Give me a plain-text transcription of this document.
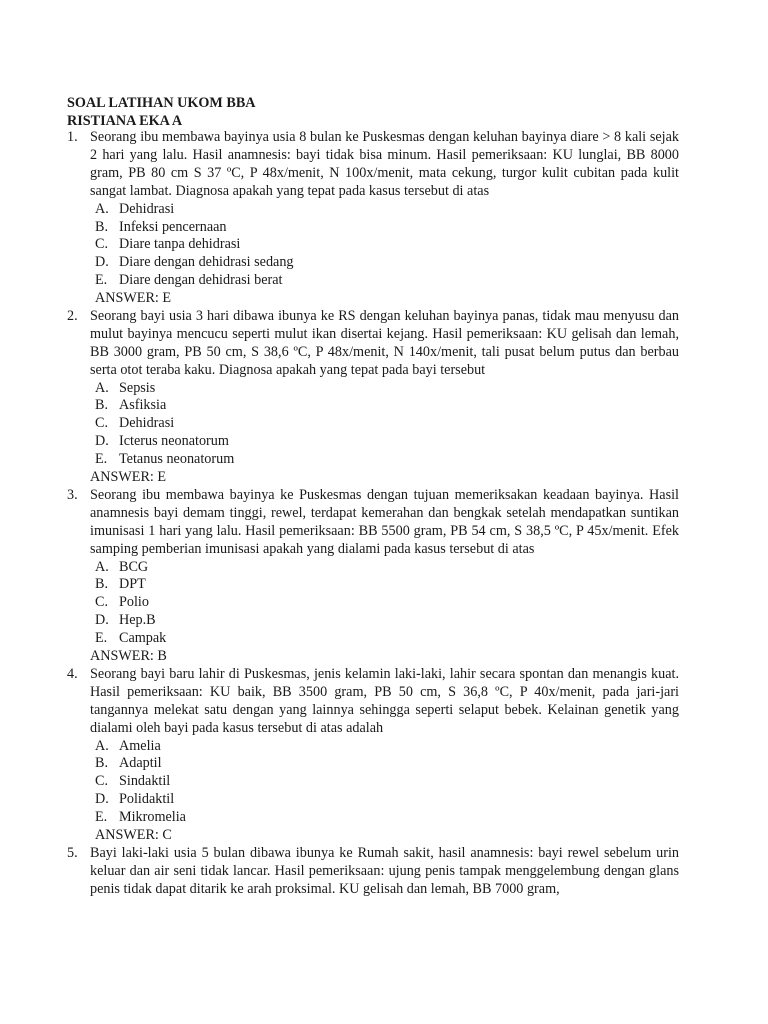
SOAL LATIHAN UKOM BBA
RISTIANA EKA A
1. Seorang ibu membawa bayinya usia 8 bulan ke Puskesmas dengan keluhan bayinya diare > 8 kali sejak 2 hari yang lalu. Hasil anamnesis: bayi tidak bisa minum. Hasil pemeriksaan: KU lunglai, BB 8000 gram, PB 80 cm S 37 ºC, P 48x/menit, N 100x/menit, mata cekung, turgor kulit cubitan pada kulit sangat lambat. Diagnosa apakah yang tepat pada kasus tersebut di atas
A. Dehidrasi
B. Infeksi pencernaan
C. Diare tanpa dehidrasi
D. Diare dengan dehidrasi sedang
E. Diare dengan dehidrasi berat
ANSWER: E
2. Seorang bayi usia 3 hari dibawa ibunya ke RS dengan keluhan bayinya panas, tidak mau menyusu dan mulut bayinya mencucu seperti mulut ikan disertai kejang. Hasil pemeriksaan: KU gelisah dan lemah, BB 3000 gram, PB 50 cm, S 38,6 ºC, P 48x/menit, N 140x/menit, tali pusat belum putus dan berbau serta otot teraba kaku. Diagnosa apakah yang tepat pada bayi tersebut
A. Sepsis
B. Asfiksia
C. Dehidrasi
D. Icterus neonatorum
E. Tetanus neonatorum
ANSWER: E
3. Seorang ibu membawa bayinya ke Puskesmas dengan tujuan memeriksakan keadaan bayinya. Hasil anamnesis bayi demam tinggi, rewel, terdapat kemerahan dan bengkak setelah mendapatkan suntikan imunisasi 1 hari yang lalu. Hasil pemeriksaan: BB 5500 gram, PB 54 cm, S 38,5 ºC, P 45x/menit. Efek samping pemberian imunisasi apakah yang dialami pada kasus tersebut di atas
A. BCG
B. DPT
C. Polio
D. Hep.B
E. Campak
ANSWER: B
4. Seorang bayi baru lahir di Puskesmas, jenis kelamin laki-laki, lahir secara spontan dan menangis kuat. Hasil pemeriksaan: KU baik, BB 3500 gram, PB 50 cm, S 36,8 ºC, P 40x/menit, pada jari-jari tangannya melekat satu dengan yang lainnya sehingga seperti selaput bebek. Kelainan genetik yang dialami oleh bayi pada kasus tersebut di atas adalah
A. Amelia
B. Adaptil
C. Sindaktil
D. Polidaktil
E. Mikromelia
ANSWER: C
5. Bayi laki-laki usia 5 bulan dibawa ibunya ke Rumah sakit, hasil anamnesis: bayi rewel sebelum urin keluar dan air seni tidak lancar. Hasil pemeriksaan: ujung penis tampak menggelembung dengan glans penis tidak dapat ditarik ke arah proksimal. KU gelisah dan lemah, BB 7000 gram,
